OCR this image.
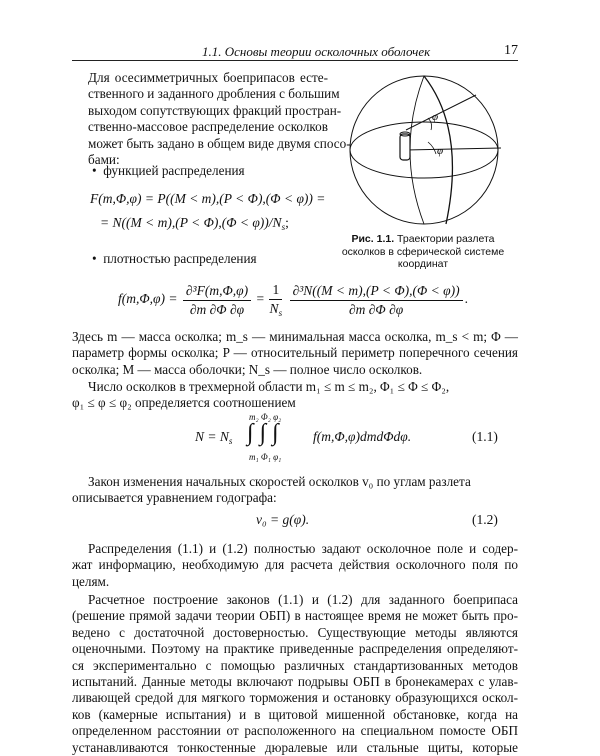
1.1. Основы теории осколочных оболочек	17
Для осесимметричных боеприпасов есте-
ственного и заданного дробления с большим
выходом сопутствующих фракций простран-
ственно-массовое распределение осколков
может быть задано в общем виде двумя спосо-
бами:
•  функцией распределения
F(m,Φ,φ) = P((M < m),(P < Φ),(Φ < φ)) =
= $N((M < m),(P < \Phi),(\Phi < \varphi))/N_s$;
•  плотностью распределения
φ
φ
Рис. 1.1. Траектории разлета осколков в сферической системе координат
$f(m,\Phi,\varphi) = \frac{\text{∂³F(m,Φ,φ)}}{\partial m \partial\Phi \partial\varphi} = \frac{1}{N_s}$
$\frac{\text{∂³N((M < m),(P < Φ),(Φ < φ))}}{\partial m \partial\Phi \partial\varphi}$ .
Здесь m — масса осколка; m_s — минимальная масса осколка, m_s < m; Φ —
параметр формы осколка; P — относительный периметр поперечного сечения
осколка; M — масса оболочки; N_s — полное число осколков.
Число осколков в трехмерной области m₁ ≤ m ≤ m₂, Φ₁ ≤ Φ ≤ Φ₂,
φ₁ ≤ φ ≤ φ₂ определяется соотношением
$N = N_s$
m₂ Φ₂ φ₂
∫ ∫ ∫
m₁ Φ₁ φ₁
f(m,Φ,φ)dmdΦdφ.	(1.1)
Закон изменения начальных скоростей осколков v₀ по углам разлета
описывается уравнением годографа:
v₀ = g(φ).	(1.2)
Распределения (1.1) и (1.2) полностью задают осколочное поле и содер-
жат информацию, необходимую для расчета действия осколочного поля по
целям.
Расчетное построение законов (1.1) и (1.2) для заданного боеприпаса
(решение прямой задачи теории ОБП) в настоящее время не может быть про-
ведено с достаточной достоверностью. Существующие методы являются
оценочными. Поэтому на практике приведенные распределения определяют-
ся экспериментально с помощью различных стандартизованных методов
испытаний. Данные методы включают подрывы ОБП в бронекамерах с улав-
ливающей средой для мягкого торможения и остановку образующихся оскол-
ков (камерные испытания) и в щитовой мишенной обстановке, когда на
определенном расстоянии от расположенного на специальном помосте ОБП
устанавливаются тонкостенные дюралевые или стальные щиты, которые
